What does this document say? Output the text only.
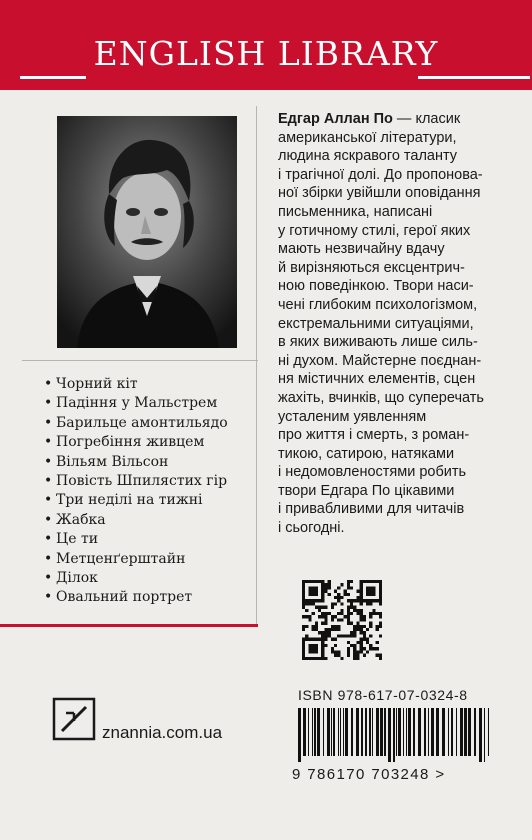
ENGLISH LIBRARY
• Чорний кіт
• Падіння у Мальстрем
• Барильце амонтильядо
• Погребіння живцем
• Вільям Вільсон
• Повість Шпилястих гір
• Три неділі на тижні
• Жабка
• Це ти
• Метценґерштайн
• Ділок
• Овальний портрет
znannia.com.ua
Едгар Аллан По — класик
американської літератури,
людина яскравого таланту
і трагічної долі. До пропонова-
ної збірки увійшли оповідання
письменника, написані
у готичному стилі, герої яких
мають незвичайну вдачу
й вирізняються ексцентрич-
ною поведінкою. Твори наси-
чені глибоким психологізмом,
екстремальними ситуаціями,
в яких виживають лише силь-
ні духом. Майстерне поєднан-
ня містичних елементів, сцен
жахіть, вчинків, що суперечать
усталеним уявленням
про життя і смерть, з роман-
тикою, сатирою, натяками
і недомовленостями робить
твори Едгара По цікавими
і привабливими для читачів
і сьогодні.
ISBN 978-617-07-0324-8
9 786170 703248 >
